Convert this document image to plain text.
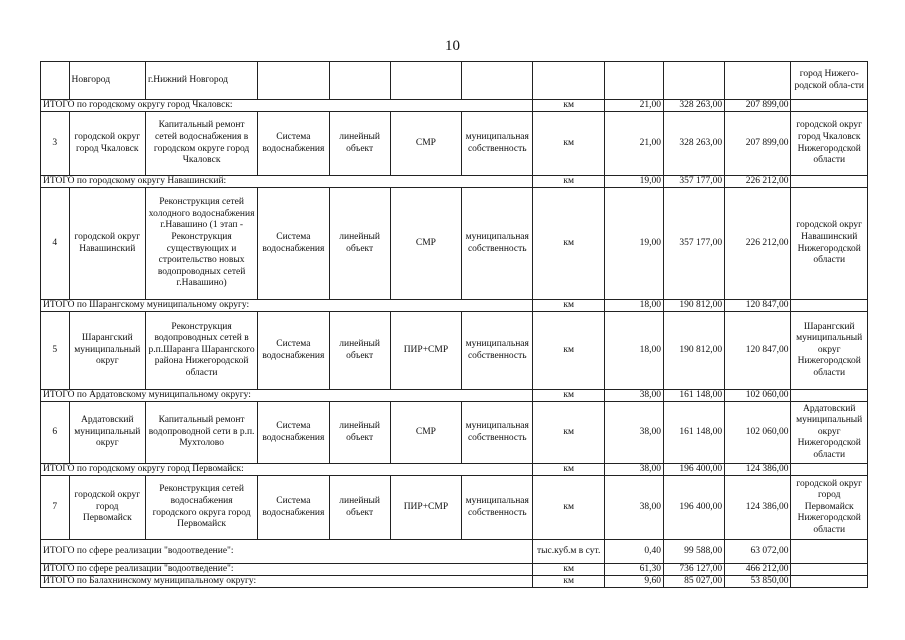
10
	Новгород	г.Нижний Новгород									город Нижего-родской обла-сти
ИТОГО по городскому округу город Чкаловск:							км	21,00	328 263,00	207 899,00	
3	городской округ город Чкаловск	Капитальный ремонт сетей водоснабжения в городском округе город Чкаловск	Система водоснабжения	линейный объект	СМР	муниципальная собственность	км	21,00	328 263,00	207 899,00	городской округ город Чкаловск Нижегородской области
ИТОГО по городскому округу Навашинский:							км	19,00	357 177,00	226 212,00	
4	городской округ Навашинский	Реконструкция сетей холодного водоснабжения г.Навашино (1 этап - Реконструкция существующих и строительство новых водопроводных сетей г.Навашино)	Система водоснабжения	линейный объект	СМР	муниципальная собственность	км	19,00	357 177,00	226 212,00	городской округ Навашинский Нижегородской области
ИТОГО по Шарангскому муниципальному округу:							км	18,00	190 812,00	120 847,00	
5	Шарангский муниципальный округ	Реконструкция водопроводных сетей в р.п.Шаранга Шарангского района Нижегородской области	Система водоснабжения	линейный объект	ПИР+СМР	муниципальная собственность	км	18,00	190 812,00	120 847,00	Шарангский муниципальный округ Нижегородской области
ИТОГО по Ардатовскому муниципальному округу:							км	38,00	161 148,00	102 060,00	
6	Ардатовский муниципальный округ	Капитальный ремонт водопроводной сети в р.п. Мухтолово	Система водоснабжения	линейный объект	СМР	муниципальная собственность	км	38,00	161 148,00	102 060,00	Ардатовский муниципальный округ Нижегородской области
ИТОГО по городскому округу город Первомайск:							км	38,00	196 400,00	124 386,00	
7	городской округ город Первомайск	Реконструкция сетей водоснабжения городского округа город Первомайск	Система водоснабжения	линейный объект	ПИР+СМР	муниципальная собственность	км	38,00	196 400,00	124 386,00	городской округ город Первомайск Нижегородской области
ИТОГО по сфере реализации "водоотведение":							тыс.куб.м в сут.	0,40	99 588,00	63 072,00	
ИТОГО по сфере реализации "водоотведение":							км	61,30	736 127,00	466 212,00	
ИТОГО по Балахнинскому муниципальному округу:							км	9,60	85 027,00	53 850,00	
